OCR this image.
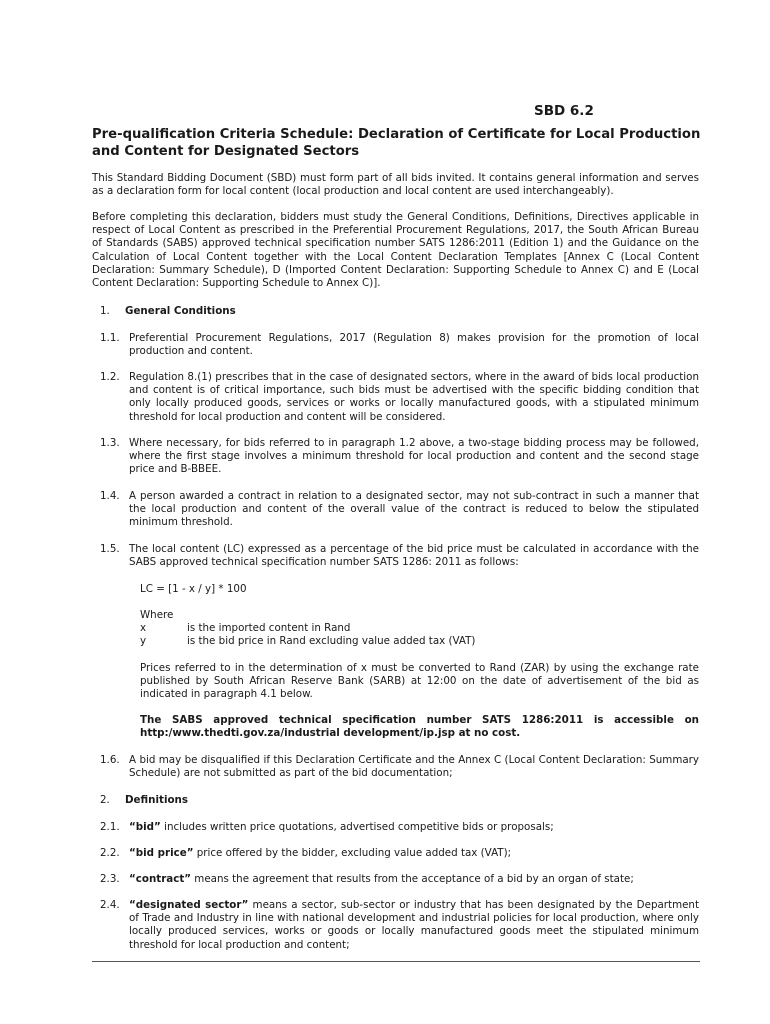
SBD 6.2
Pre-qualification Criteria Schedule: Declaration of Certificate for Local Production and Content for Designated Sectors
This Standard Bidding Document (SBD) must form part of all bids invited. It contains general information and serves as a declaration form for local content (local production and local content are used interchangeably).
Before completing this declaration, bidders must study the General Conditions, Definitions, Directives applicable in respect of Local Content as prescribed in the Preferential Procurement Regulations, 2017, the South African Bureau of Standards (SABS) approved technical specification number SATS 1286:2011 (Edition 1) and the Guidance on the Calculation of Local Content together with the Local Content Declaration Templates [Annex C (Local Content Declaration: Summary Schedule), D (Imported Content Declaration: Supporting Schedule to Annex C) and E (Local Content Declaration: Supporting Schedule to Annex C)].
1. General Conditions
1.1. Preferential Procurement Regulations, 2017 (Regulation 8) makes provision for the promotion of local production and content.
1.2. Regulation 8.(1) prescribes that in the case of designated sectors, where in the award of bids local production and content is of critical importance, such bids must be advertised with the specific bidding condition that only locally produced goods, services or works or locally manufactured goods, with a stipulated minimum threshold for local production and content will be considered.
1.3. Where necessary, for bids referred to in paragraph 1.2 above, a two-stage bidding process may be followed, where the first stage involves a minimum threshold for local production and content and the second stage price and B-BBEE.
1.4. A person awarded a contract in relation to a designated sector, may not sub-contract in such a manner that the local production and content of the overall value of the contract is reduced to below the stipulated minimum threshold.
1.5. The local content (LC) expressed as a percentage of the bid price must be calculated in accordance with the SABS approved technical specification number SATS 1286: 2011 as follows:
LC = [1 - x / y] * 100
Where
x	is the imported content in Rand
y	is the bid price in Rand excluding value added tax (VAT)
Prices referred to in the determination of x must be converted to Rand (ZAR) by using the exchange rate published by South African Reserve Bank (SARB) at 12:00 on the date of advertisement of the bid as indicated in paragraph 4.1 below.
The SABS approved technical specification number SATS 1286:2011 is accessible on http:/www.thedti.gov.za/industrial development/ip.jsp at no cost.
1.6. A bid may be disqualified if this Declaration Certificate and the Annex C (Local Content Declaration: Summary Schedule) are not submitted as part of the bid documentation;
2. Definitions
2.1. “bid” includes written price quotations, advertised competitive bids or proposals;
2.2. “bid price” price offered by the bidder, excluding value added tax (VAT);
2.3. “contract” means the agreement that results from the acceptance of a bid by an organ of state;
2.4. “designated sector” means a sector, sub-sector or industry that has been designated by the Department of Trade and Industry in line with national development and industrial policies for local production, where only locally produced services, works or goods or locally manufactured goods meet the stipulated minimum threshold for local production and content;
